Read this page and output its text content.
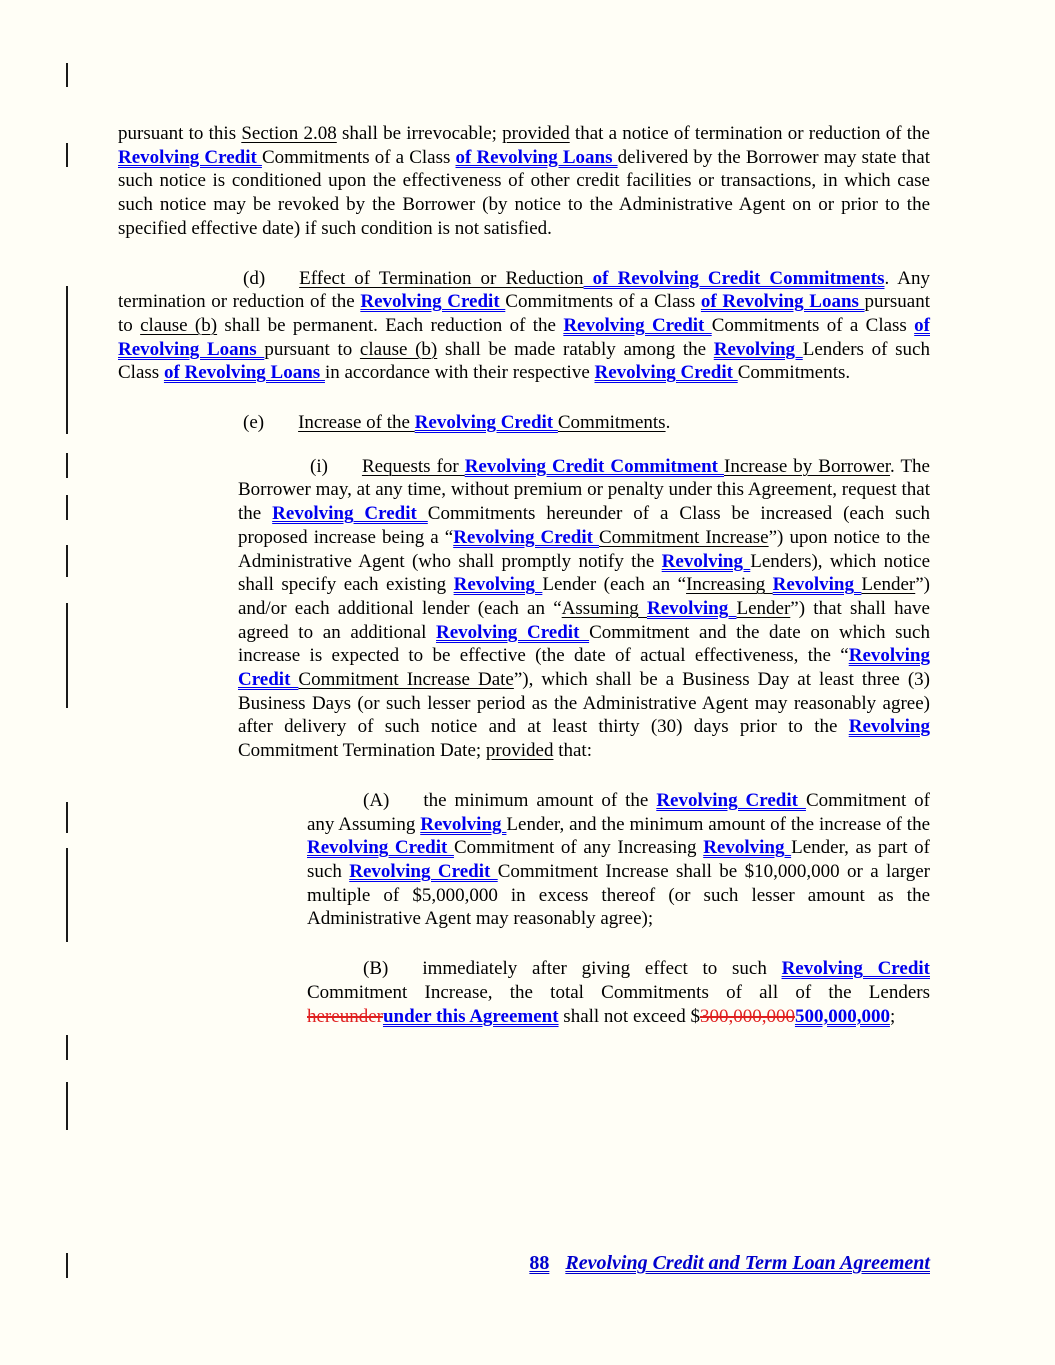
pursuant to this Section 2.08 shall be irrevocable; provided that a notice of termination or reduction of the Revolving Credit Commitments of a Class of Revolving Loans delivered by the Borrower may state that such notice is conditioned upon the effectiveness of other credit facilities or transactions, in which case such notice may be revoked by the Borrower (by notice to the Administrative Agent on or prior to the specified effective date) if such condition is not satisfied.

(d) Effect of Termination or Reduction of Revolving Credit Commitments. Any termination or reduction of the Revolving Credit Commitments of a Class of Revolving Loans pursuant to clause (b) shall be permanent. Each reduction of the Revolving Credit Commitments of a Class of Revolving Loans pursuant to clause (b) shall be made ratably among the Revolving Lenders of such Class of Revolving Loans in accordance with their respective Revolving Credit Commitments.

(e) Increase of the Revolving Credit Commitments.

(i) Requests for Revolving Credit Commitment Increase by Borrower. The Borrower may, at any time, without premium or penalty under this Agreement, request that the Revolving Credit Commitments hereunder of a Class be increased (each such proposed increase being a “Revolving Credit Commitment Increase”) upon notice to the Administrative Agent (who shall promptly notify the Revolving Lenders), which notice shall specify each existing Revolving Lender (each an “Increasing Revolving Lender”) and/or each additional lender (each an “Assuming Revolving Lender”) that shall have agreed to an additional Revolving Credit Commitment and the date on which such increase is expected to be effective (the date of actual effectiveness, the “Revolving Credit Commitment Increase Date”), which shall be a Business Day at least three (3) Business Days (or such lesser period as the Administrative Agent may reasonably agree) after delivery of such notice and at least thirty (30) days prior to the Revolving Commitment Termination Date; provided that:

(A) the minimum amount of the Revolving Credit Commitment of any Assuming Revolving Lender, and the minimum amount of the increase of the Revolving Credit Commitment of any Increasing Revolving Lender, as part of such Revolving Credit Commitment Increase shall be $10,000,000 or a larger multiple of $5,000,000 in excess thereof (or such lesser amount as the Administrative Agent may reasonably agree);

(B) immediately after giving effect to such Revolving Credit Commitment Increase, the total Commitments of all of the Lenders hereunderunder this Agreement shall not exceed $300,000,000500,000,000;

88 Revolving Credit and Term Loan Agreement
